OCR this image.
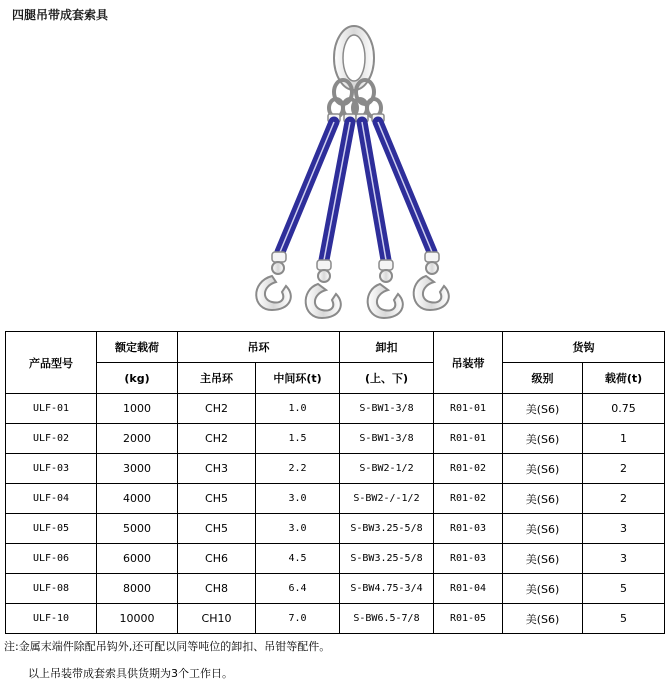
四腿吊带成套索具
产品型号	额定载荷	吊环		卸扣	吊装带	货钩	
	(kg)	主吊环	中间环(t)	(上、下)		级别	载荷(t)
ULF-01	1000	CH2	1.0	S-BW1-3/8	R01-01	美(S6)	0.75
ULF-02	2000	CH2	1.5	S-BW1-3/8	R01-01	美(S6)	1
ULF-03	3000	CH3	2.2	S-BW2-1/2	R01-02	美(S6)	2
ULF-04	4000	CH5	3.0	S-BW2-/-1/2	R01-02	美(S6)	2
ULF-05	5000	CH5	3.0	S-BW3.25-5/8	R01-03	美(S6)	3
ULF-06	6000	CH6	4.5	S-BW3.25-5/8	R01-03	美(S6)	3
ULF-08	8000	CH8	6.4	S-BW4.75-3/4	R01-04	美(S6)	5
ULF-10	10000	CH10	7.0	S-BW6.5-7/8	R01-05	美(S6)	5
注:金属末端件除配吊钩外,还可配以同等吨位的卸扣、吊钳等配件。
以上吊装带成套索具供货期为3个工作日。
